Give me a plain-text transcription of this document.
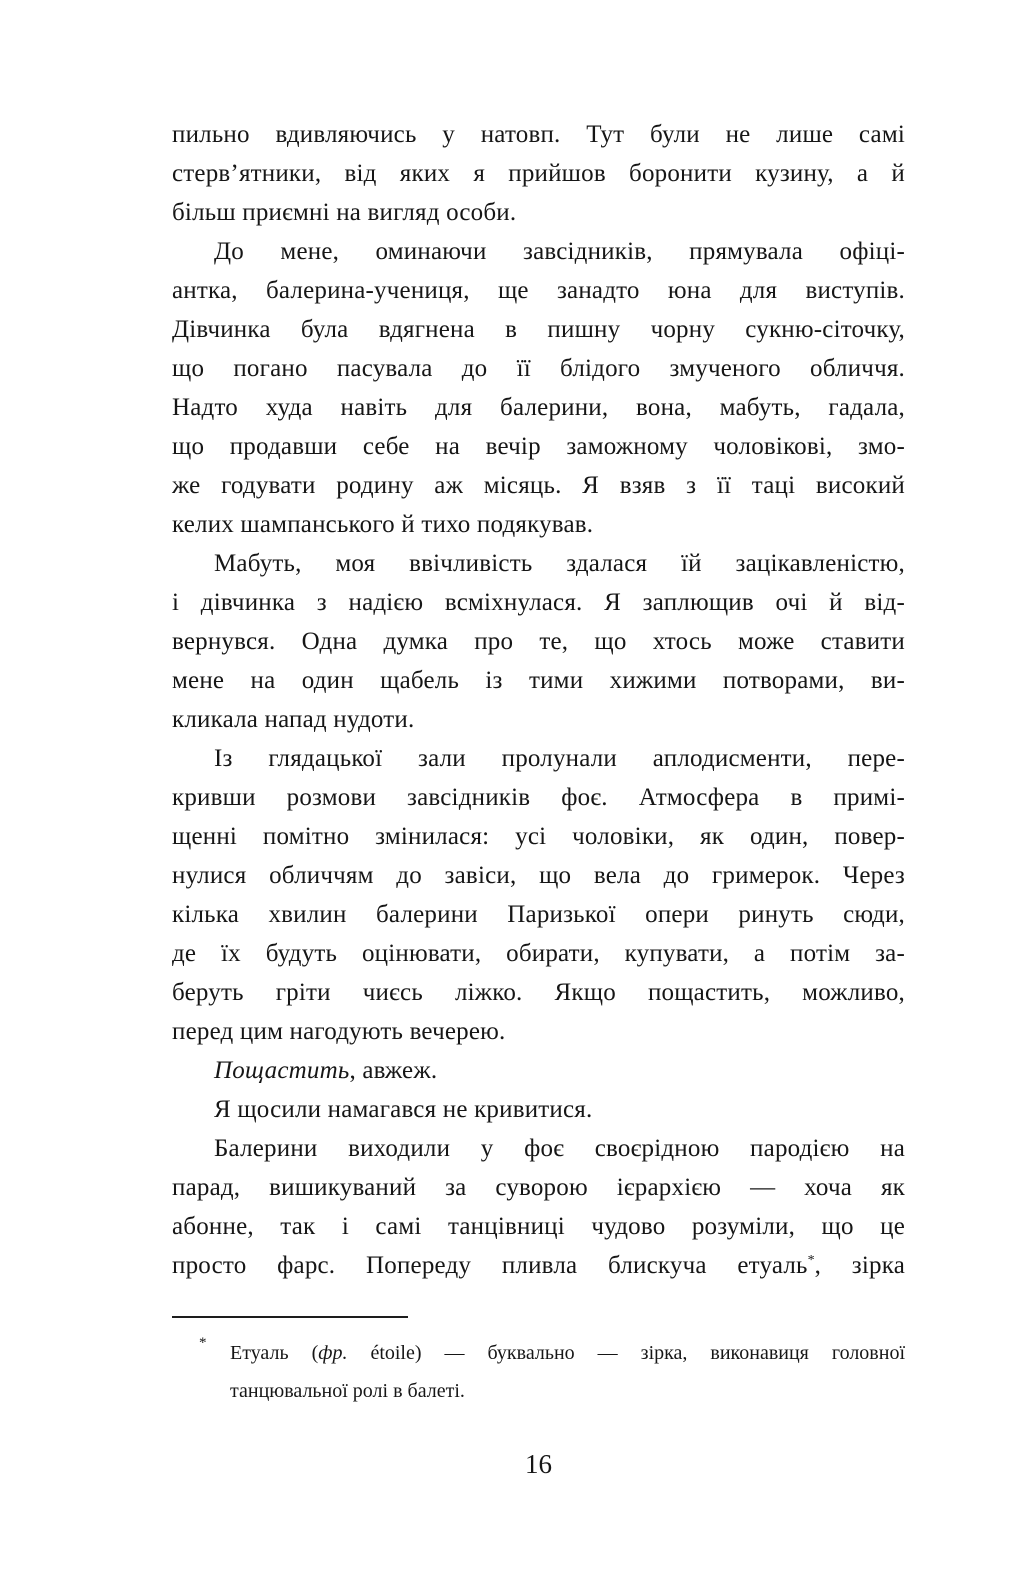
пильно вдивляючись у натовп. Тут були не лише самі
стерв’ятники, від яких я прийшов боронити кузину, а й
більш приємні на вигляд особи.

До мене, оминаючи завсідників, прямувала офіці-
антка, балерина-учениця, ще занадто юна для виступів.
Дівчинка була вдягнена в пишну чорну сукню-сіточку,
що погано пасувала до її блідого змученого обличчя.
Надто худа навіть для балерини, вона, мабуть, гадала,
що продавши себе на вечір заможному чоловікові, змо-
же годувати родину аж місяць. Я взяв з її таці високий
келих шампанського й тихо подякував.

Мабуть, моя ввічливість здалася їй зацікавленістю,
і дівчинка з надією всміхнулася. Я заплющив очі й від-
вернувся. Одна думка про те, що хтось може ставити
мене на один щабель із тими хижими потворами, ви-
кликала напад нудоти.

Із глядацької зали пролунали аплодисменти, пере-
кривши розмови завсідників фоє. Атмосфера в примі-
щенні помітно змінилася: усі чоловіки, як один, повер-
нулися обличчям до завіси, що вела до гримерок. Через
кілька хвилин балерини Паризької опери ринуть сюди,
де їх будуть оцінювати, обирати, купувати, а потім за-
беруть гріти чиєсь ліжко. Якщо пощастить, можливо,
перед цим нагодують вечерею.

Пощастить, авжеж.

Я щосили намагався не кривитися.

Балерини виходили у фоє своєрідною пародією на
парад, вишикуваний за суворою ієрархією — хоча як
абонне, так і самі танцівниці чудово розуміли, що це
просто фарс. Попереду пливла блискуча етуаль*, зірка

* Етуаль (фр. étoile) — буквально — зірка, виконавиця головної
танцювальної ролі в балеті.
16
